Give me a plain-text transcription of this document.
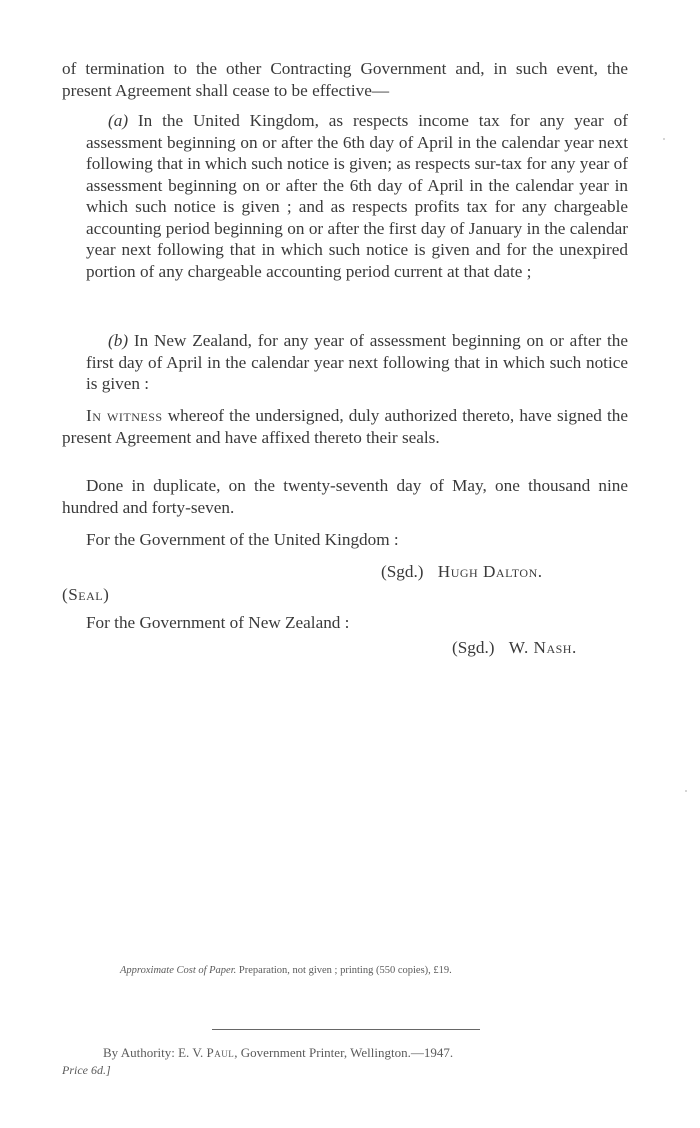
of termination to the other Contracting Government and, in such event, the present Agreement shall cease to be effective—

(a) In the United Kingdom, as respects income tax for any year of assessment beginning on or after the 6th day of April in the calendar year next following that in which such notice is given; as respects sur-tax for any year of assessment beginning on or after the 6th day of April in the calendar year in which such notice is given ; and as respects profits tax for any chargeable accounting period beginning on or after the first day of January in the calendar year next following that in which such notice is given and for the unexpired portion of any chargeable accounting period current at that date ;

(b) In New Zealand, for any year of assessment beginning on or after the first day of April in the calendar year next following that in which such notice is given :

In witness whereof the undersigned, duly authorized thereto, have signed the present Agreement and have affixed thereto their seals.

Done in duplicate, on the twenty-seventh day of May, one thousand nine hundred and forty-seven.

For the Government of the United Kingdom :
(Sgd.) Hugh Dalton.
(Seal)
For the Government of New Zealand :
(Sgd.) W. Nash.
Approximate Cost of Paper. Preparation, not given ; printing (550 copies), £19.
By Authority: E. V. Paul, Government Printer, Wellington.—1947.
Price 6d.]
